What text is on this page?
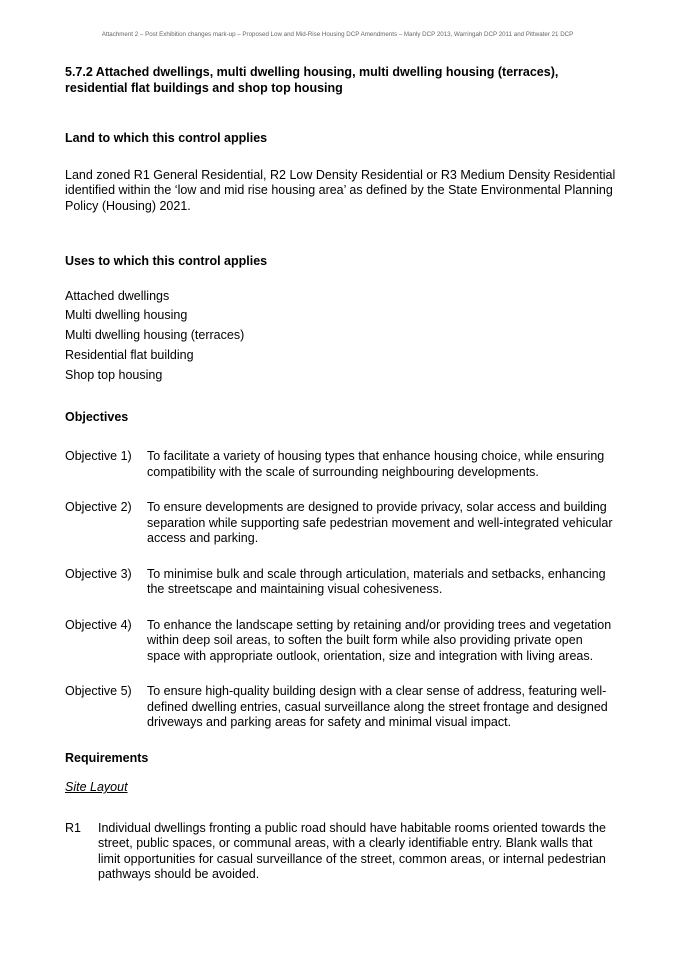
Attachment 2 – Post Exhibition changes mark-up – Proposed Low and Mid-Rise Housing DCP Amendments – Manly DCP 2013, Warringah DCP 2011 and Pittwater 21 DCP
5.7.2 Attached dwellings, multi dwelling housing, multi dwelling housing (terraces), residential flat buildings and shop top housing
Land to which this control applies
Land zoned R1 General Residential, R2 Low Density Residential or R3 Medium Density Residential identified within the ‘low and mid rise housing area’ as defined by the State Environmental Planning Policy (Housing) 2021.
Uses to which this control applies
Attached dwellings
Multi dwelling housing
Multi dwelling housing (terraces)
Residential flat building
Shop top housing
Objectives
Objective 1)	To facilitate a variety of housing types that enhance housing choice, while ensuring compatibility with the scale of surrounding neighbouring developments.
Objective 2)	To ensure developments are designed to provide privacy, solar access and building separation while supporting safe pedestrian movement and well-integrated vehicular access and parking.
Objective 3)	To minimise bulk and scale through articulation, materials and setbacks, enhancing the streetscape and maintaining visual cohesiveness.
Objective 4)	To enhance the landscape setting by retaining and/or providing trees and vegetation within deep soil areas, to soften the built form while also providing private open space with appropriate outlook, orientation, size and integration with living areas.
Objective 5)	To ensure high-quality building design with a clear sense of address, featuring well-defined dwelling entries, casual surveillance along the street frontage and designed driveways and parking areas for safety and minimal visual impact.
Requirements
Site Layout
R1	Individual dwellings fronting a public road should have habitable rooms oriented towards the street, public spaces, or communal areas, with a clearly identifiable entry. Blank walls that limit opportunities for casual surveillance of the street, common areas, or internal pedestrian pathways should be avoided.
